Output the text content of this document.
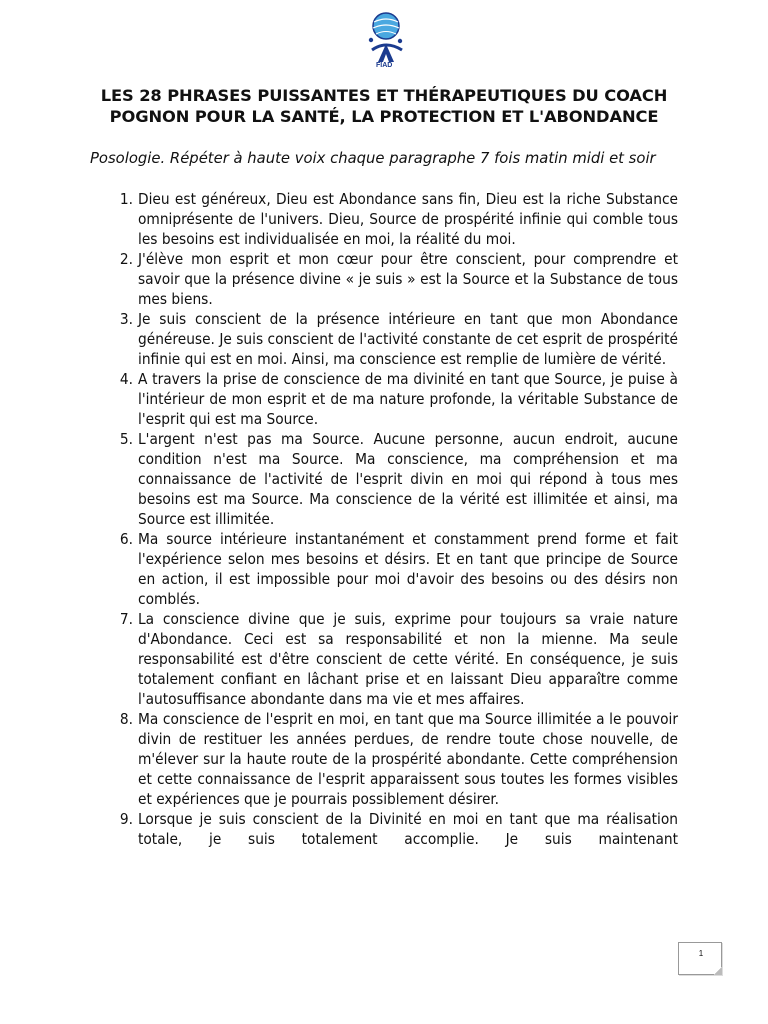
FIAD
LES 28 PHRASES PUISSANTES ET THÉRAPEUTIQUES DU COACH POGNON POUR LA SANTÉ, LA PROTECTION ET L'ABONDANCE
Posologie. Répéter à haute voix chaque paragraphe 7 fois matin midi et soir
1. Dieu est généreux, Dieu est Abondance sans fin, Dieu est la riche Substance omniprésente de l'univers. Dieu, Source de prospérité infinie qui comble tous les besoins est individualisée en moi, la réalité du moi.
2. J'élève mon esprit et mon cœur pour être conscient, pour comprendre et savoir que la présence divine « je suis » est la Source et la Substance de tous mes biens.
3. Je suis conscient de la présence intérieure en tant que mon Abondance généreuse. Je suis conscient de l'activité constante de cet esprit de prospérité infinie qui est en moi. Ainsi, ma conscience est remplie de lumière de vérité.
4. A travers la prise de conscience de ma divinité en tant que Source, je puise à l'intérieur de mon esprit et de ma nature profonde, la véritable Substance de l'esprit qui est ma Source.
5. L'argent n'est pas ma Source. Aucune personne, aucun endroit, aucune condition n'est ma Source. Ma conscience, ma compréhension et ma connaissance de l'activité de l'esprit divin en moi qui répond à tous mes besoins est ma Source. Ma conscience de la vérité est illimitée et ainsi, ma Source est illimitée.
6. Ma source intérieure instantanément et constamment prend forme et fait l'expérience selon mes besoins et désirs. Et en tant que principe de Source en action, il est impossible pour moi d'avoir des besoins ou des désirs non comblés.
7. La conscience divine que je suis, exprime pour toujours sa vraie nature d'Abondance. Ceci est sa responsabilité et non la mienne. Ma seule responsabilité est d'être conscient de cette vérité. En conséquence, je suis totalement confiant en lâchant prise et en laissant Dieu apparaître comme l'autosuffisance abondante dans ma vie et mes affaires.
8. Ma conscience de l'esprit en moi, en tant que ma Source illimitée a le pouvoir divin de restituer les années perdues, de rendre toute chose nouvelle, de m'élever sur la haute route de la prospérité abondante. Cette compréhension et cette connaissance de l'esprit apparaissent sous toutes les formes visibles et expériences que je pourrais possiblement désirer.
9. Lorsque je suis conscient de la Divinité en moi en tant que ma réalisation totale, je suis totalement accomplie. Je suis maintenant
1
